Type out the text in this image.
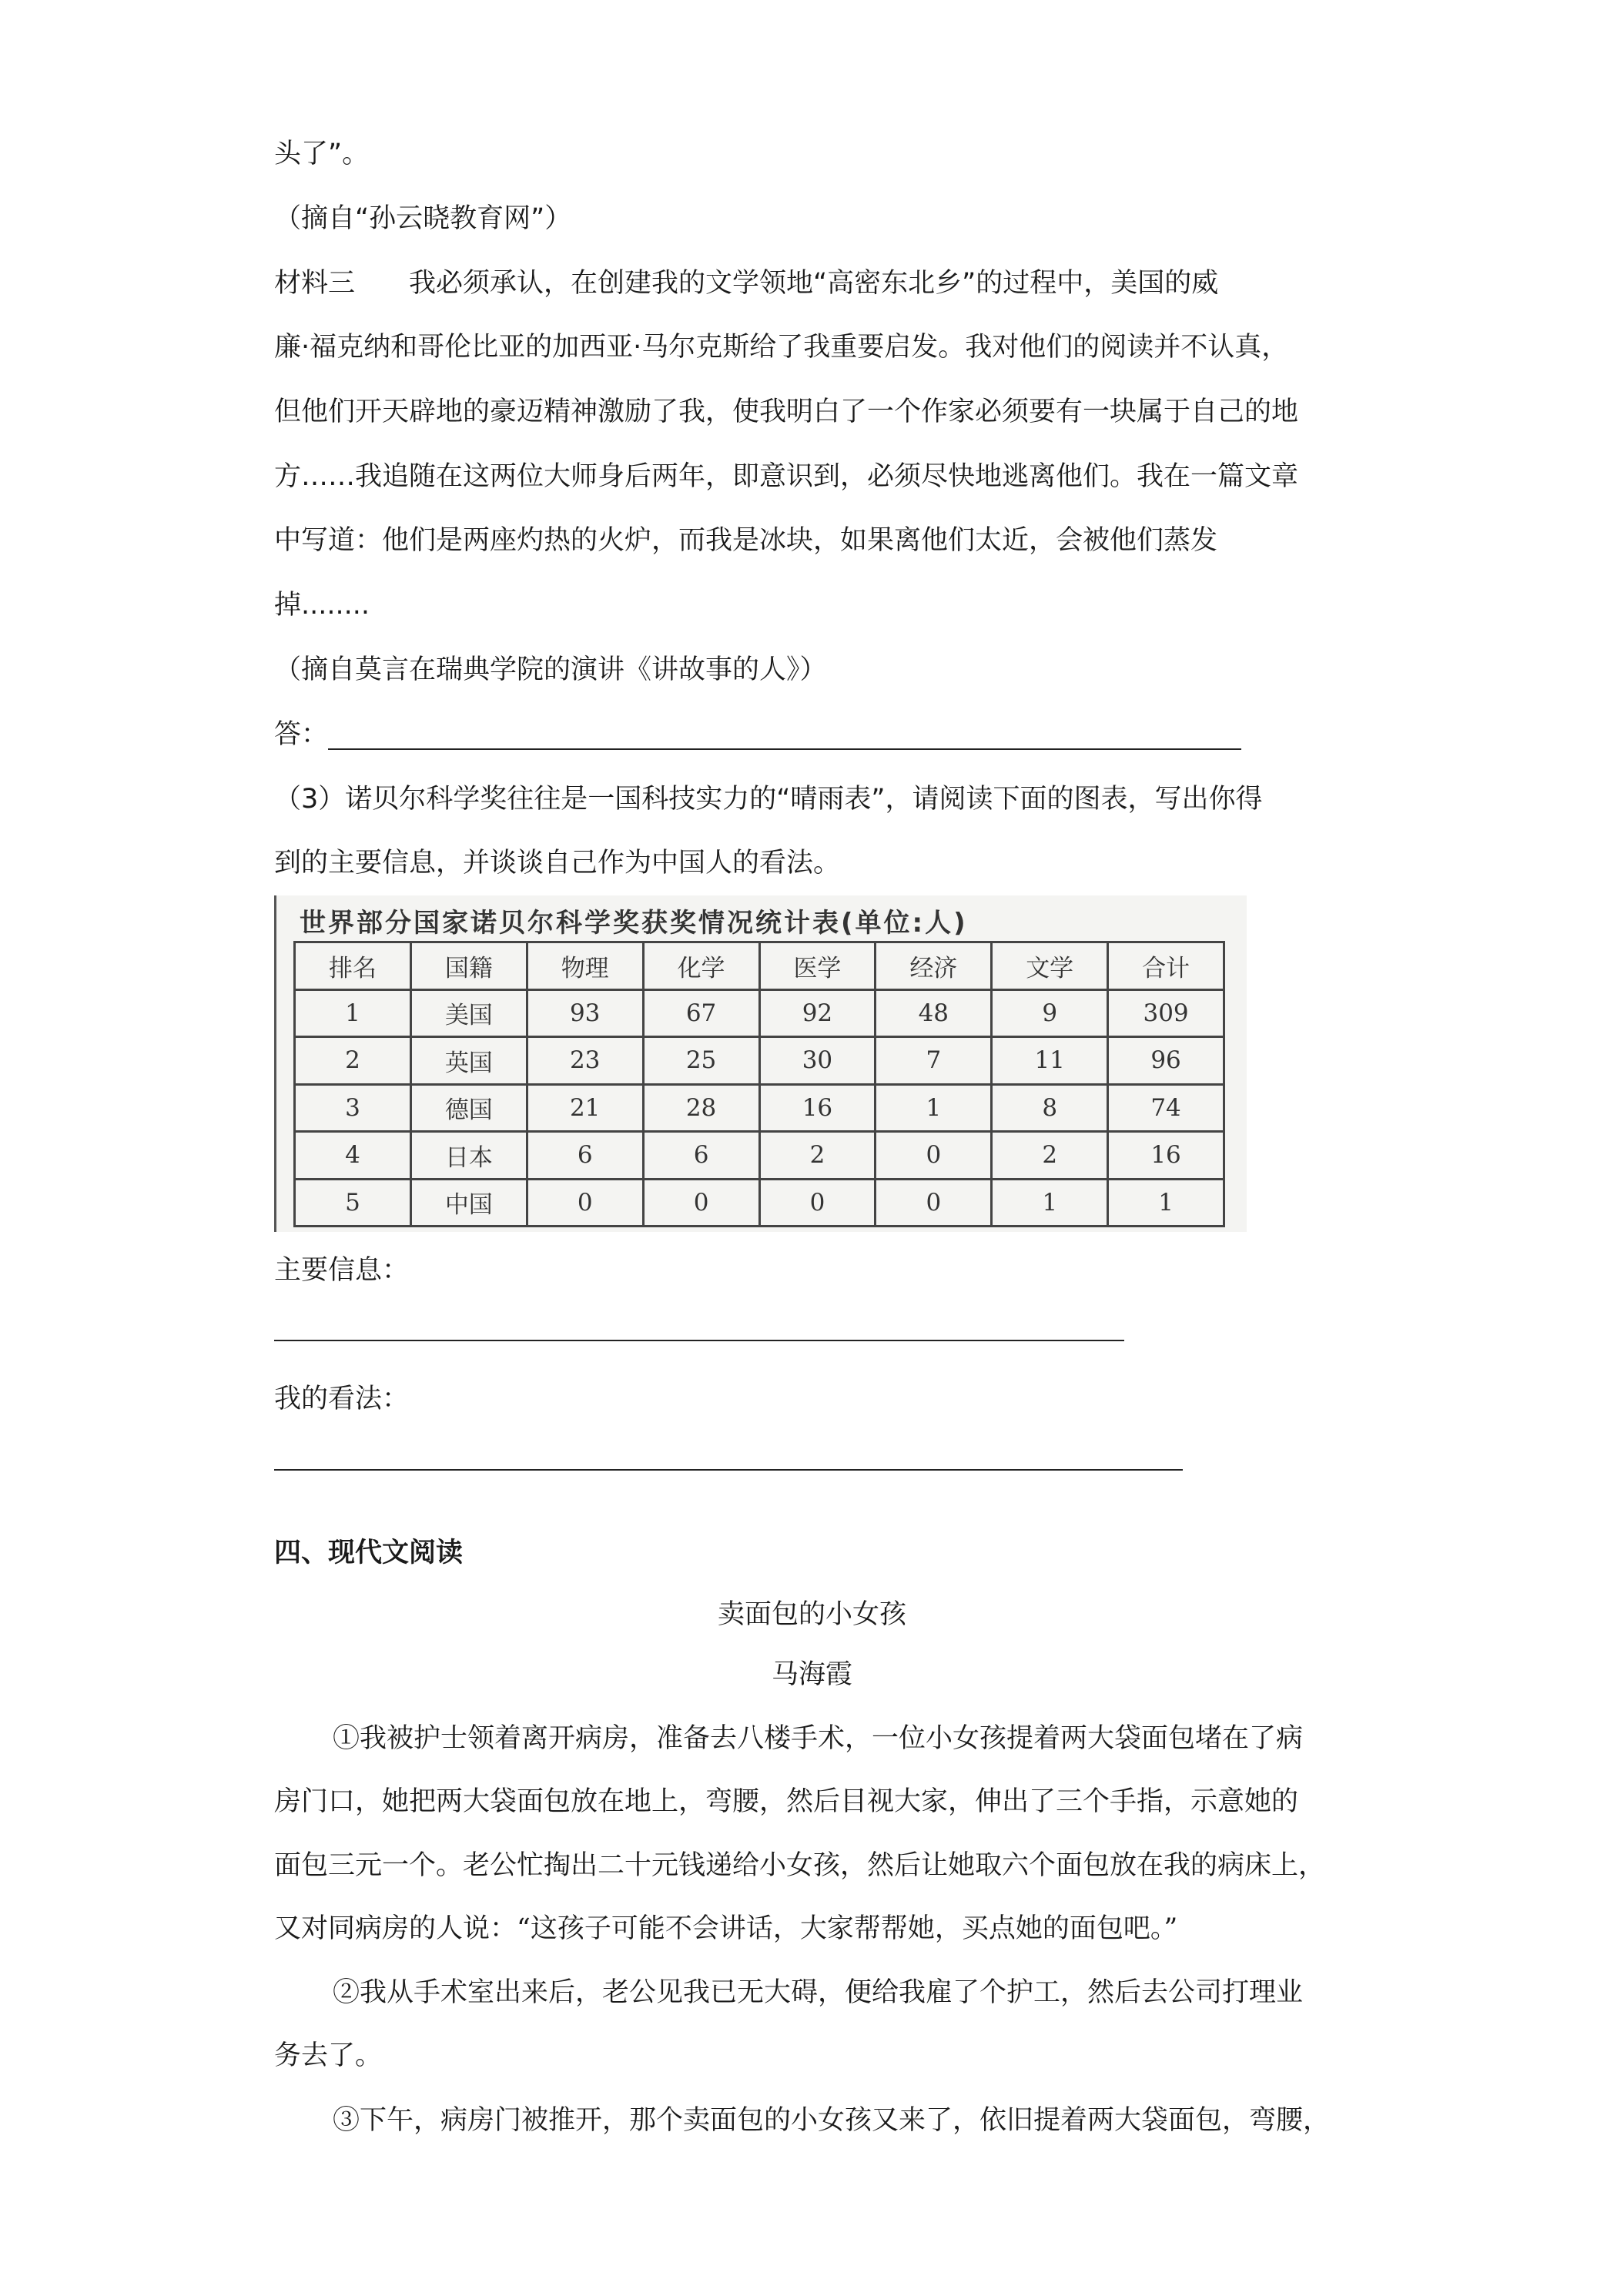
头了”。
（摘自“孙云晓教育网”）
材料三　　我必须承认，在创建我的文学领地“高密东北乡”的过程中，美国的威
廉·福克纳和哥伦比亚的加西亚·马尔克斯给了我重要启发。我对他们的阅读并不认真，
但他们开天辟地的豪迈精神激励了我，使我明白了一个作家必须要有一块属于自己的地
方……我追随在这两位大师身后两年，即意识到，必须尽快地逃离他们。我在一篇文章
中写道：他们是两座灼热的火炉，而我是冰块，如果离他们太近，会被他们蒸发
掉........
（摘自莫言在瑞典学院的演讲《讲故事的人》）
答：
（3）诺贝尔科学奖往往是一国科技实力的“晴雨表”，请阅读下面的图表，写出你得
到的主要信息，并谈谈自己作为中国人的看法。
世界部分国家诺贝尔科学奖获奖情况统计表(单位:人)
排名	国籍	物理	化学	医学	经济	文学	合计
1	美国	93	67	92	48	9	309
2	英国	23	25	30	7	11	96
3	德国	21	28	16	1	8	74
4	日本	6	6	2	0	2	16
5	中国	0	0	0	0	1	1
主要信息：
我的看法：
四、现代文阅读
卖面包的小女孩
马海霞
①我被护士领着离开病房，准备去八楼手术，一位小女孩提着两大袋面包堵在了病
房门口，她把两大袋面包放在地上，弯腰，然后目视大家，伸出了三个手指，示意她的
面包三元一个。老公忙掏出二十元钱递给小女孩，然后让她取六个面包放在我的病床上，
又对同病房的人说：“这孩子可能不会讲话，大家帮帮她，买点她的面包吧。”
②我从手术室出来后，老公见我已无大碍，便给我雇了个护工，然后去公司打理业
务去了。
③下午，病房门被推开，那个卖面包的小女孩又来了，依旧提着两大袋面包，弯腰，
